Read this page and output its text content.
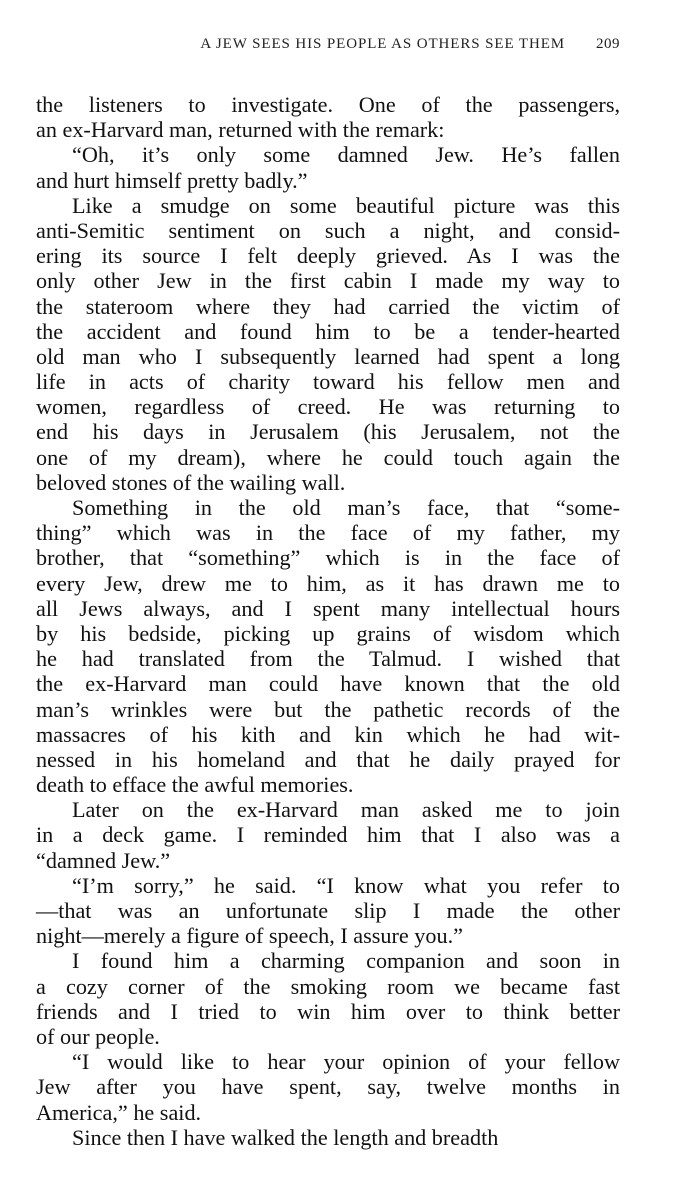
A JEW SEES HIS PEOPLE AS OTHERS SEE THEM 209
the listeners to investigate. One of the passengers,
an ex-Harvard man, returned with the remark:
“Oh, it’s only some damned Jew. He’s fallen
and hurt himself pretty badly.”
Like a smudge on some beautiful picture was this
anti-Semitic sentiment on such a night, and consid-
ering its source I felt deeply grieved. As I was the
only other Jew in the first cabin I made my way to
the stateroom where they had carried the victim of
the accident and found him to be a tender-hearted
old man who I subsequently learned had spent a long
life in acts of charity toward his fellow men and
women, regardless of creed. He was returning to
end his days in Jerusalem (his Jerusalem, not the
one of my dream), where he could touch again the
beloved stones of the wailing wall.
Something in the old man’s face, that “some-
thing” which was in the face of my father, my
brother, that “something” which is in the face of
every Jew, drew me to him, as it has drawn me to
all Jews always, and I spent many intellectual hours
by his bedside, picking up grains of wisdom which
he had translated from the Talmud. I wished that
the ex-Harvard man could have known that the old
man’s wrinkles were but the pathetic records of the
massacres of his kith and kin which he had wit-
nessed in his homeland and that he daily prayed for
death to efface the awful memories.
Later on the ex-Harvard man asked me to join
in a deck game. I reminded him that I also was a
“damned Jew.”
“I’m sorry,” he said. “I know what you refer to
—that was an unfortunate slip I made the other
night—merely a figure of speech, I assure you.”
I found him a charming companion and soon in
a cozy corner of the smoking room we became fast
friends and I tried to win him over to think better
of our people.
“I would like to hear your opinion of your fellow
Jew after you have spent, say, twelve months in
America,” he said.
Since then I have walked the length and breadth
